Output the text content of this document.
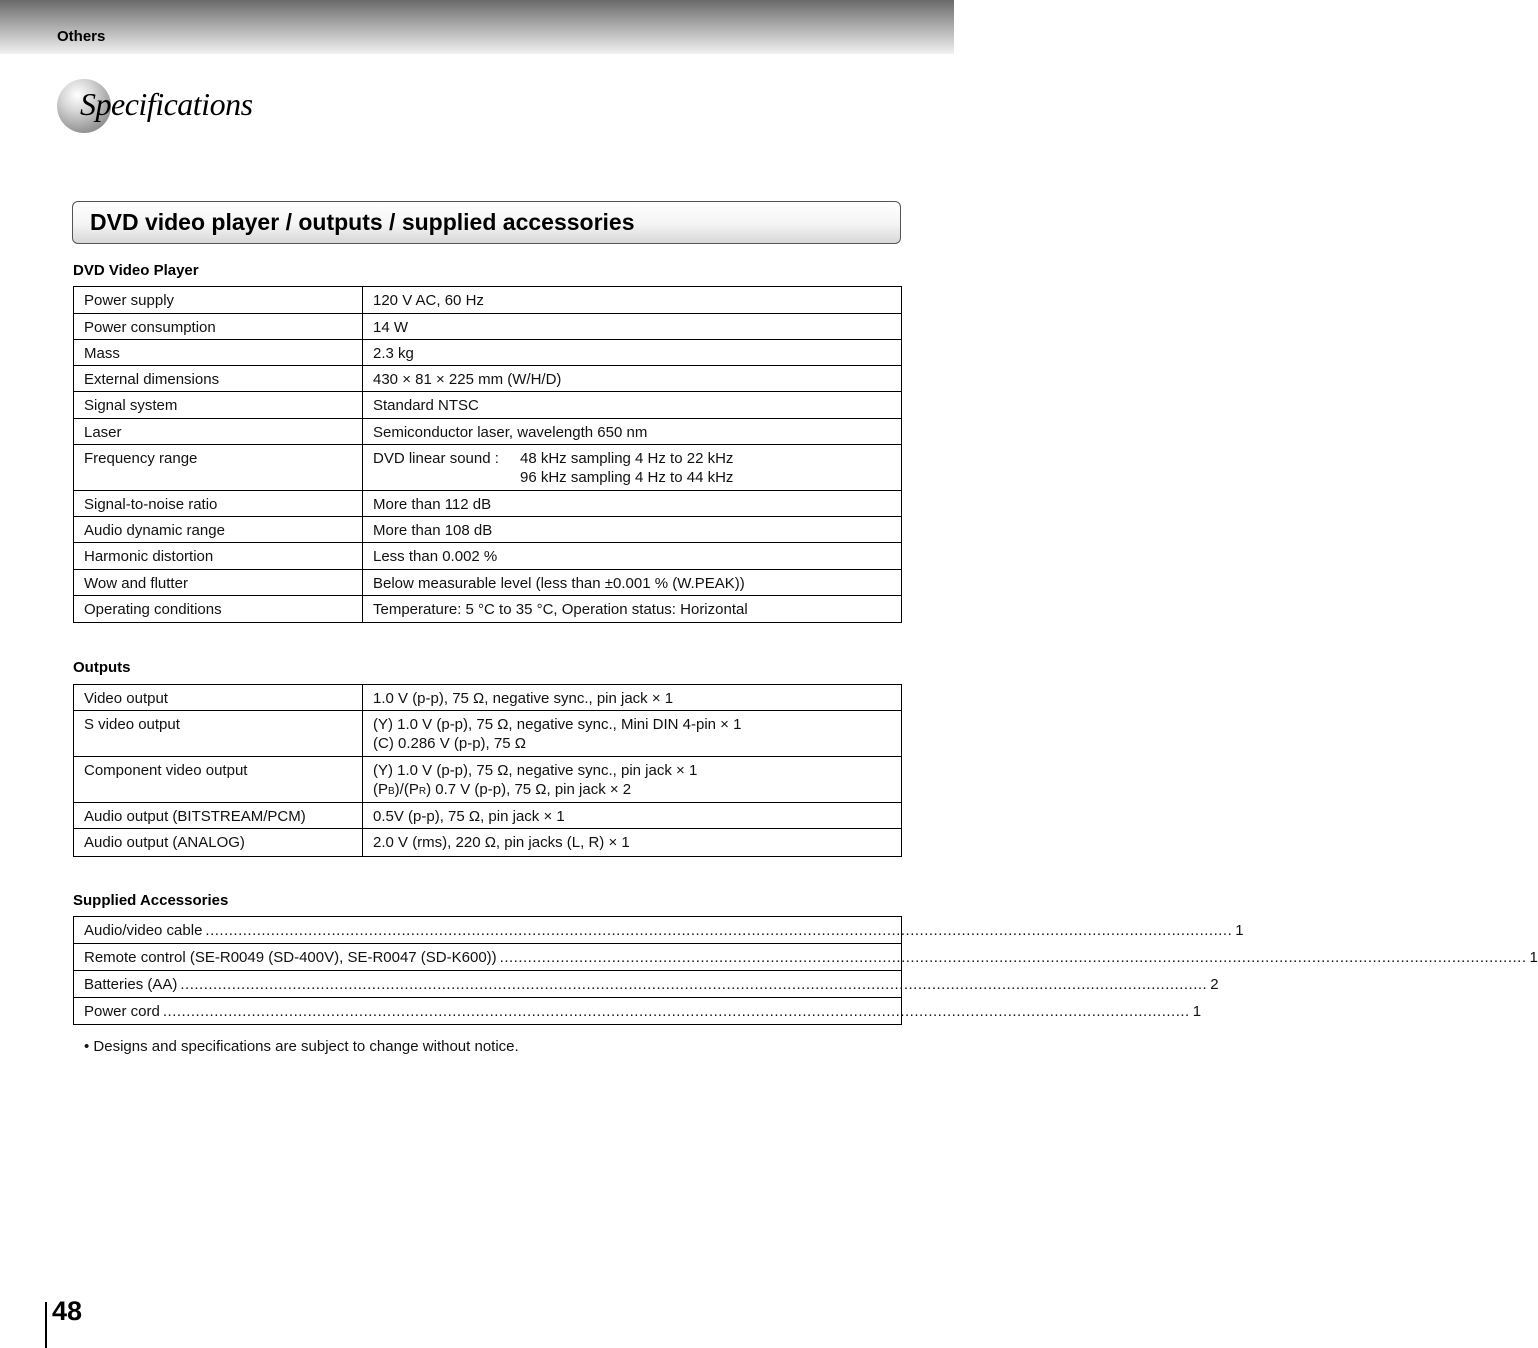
Others
Specifications
DVD video player / outputs / supplied accessories
DVD Video Player
Power supply	120 V AC, 60 Hz
Power consumption	14 W
Mass	2.3 kg
External dimensions	430 × 81 × 225 mm (W/H/D)
Signal system	Standard NTSC
Laser	Semiconductor laser, wavelength 650 nm
Frequency range	DVD linear sound : 48 kHz sampling 4 Hz to 22 kHz
96 kHz sampling 4 Hz to 44 kHz

Signal-to-noise ratio	More than 112 dB
Audio dynamic range	More than 108 dB
Harmonic distortion	Less than 0.002 %
Wow and flutter	Below measurable level (less than ±0.001 % (W.PEAK))
Operating conditions	Temperature: 5 °C to 35 °C, Operation status: Horizontal
Outputs
Video output	1.0 V (p-p), 75 Ω, negative sync., pin jack × 1
S video output	(Y) 1.0 V (p-p), 75 Ω, negative sync., Mini DIN 4-pin × 1
(C) 0.286 V (p-p), 75 Ω

Component video output	(Y) 1.0 V (p-p), 75 Ω, negative sync., pin jack × 1
(PB)/(PR) 0.7 V (p-p), 75 Ω, pin jack × 2

Audio output (BITSTREAM/PCM)	0.5V (p-p), 75 Ω, pin jack × 1
Audio output (ANALOG)	2.0 V (rms), 220 Ω, pin jacks (L, R) × 1
Supplied Accessories
Audio/video cable ............................................................................................................................................................................................................................ 1

Remote control (SE-R0049 (SD-400V), SE-R0047 (SD-K600)) ............................................................................................................................................................................................................................ 1

Batteries (AA) ............................................................................................................................................................................................................................ 2

Power cord ............................................................................................................................................................................................................................ 1
• Designs and specifications are subject to change without notice.
48
